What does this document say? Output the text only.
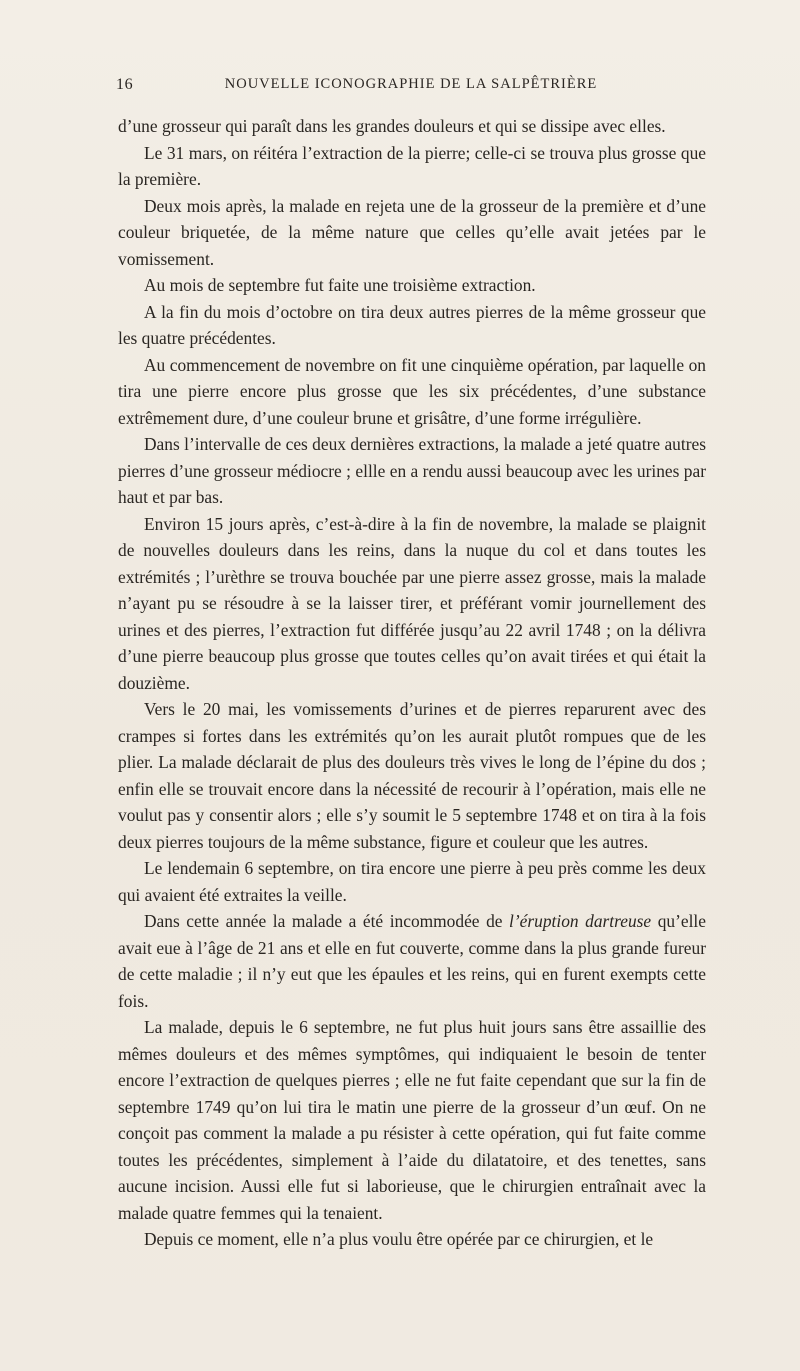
16	NOUVELLE ICONOGRAPHIE DE LA SALPÊTRIÈRE

d’une grosseur qui paraît dans les grandes douleurs et qui se dissipe avec elles.

Le 31 mars, on réitéra l’extraction de la pierre; celle-ci se trouva plus grosse que la première.

Deux mois après, la malade en rejeta une de la grosseur de la première et d’une couleur briquetée, de la même nature que celles qu’elle avait jetées par le vomissement.

Au mois de septembre fut faite une troisième extraction.

A la fin du mois d’octobre on tira deux autres pierres de la même grosseur que les quatre précédentes.

Au commencement de novembre on fit une cinquième opération, par laquelle on tira une pierre encore plus grosse que les six précédentes, d’une substance extrêmement dure, d’une couleur brune et grisâtre, d’une forme irrégulière.

Dans l’intervalle de ces deux dernières extractions, la malade a jeté quatre autres pierres d’une grosseur médiocre ; ellle en a rendu aussi beaucoup avec les urines par haut et par bas.

Environ 15 jours après, c’est-à-dire à la fin de novembre, la malade se plaignit de nouvelles douleurs dans les reins, dans la nuque du col et dans toutes les extrémités ; l’urèthre se trouva bouchée par une pierre assez grosse, mais la malade n’ayant pu se résoudre à se la laisser tirer, et préférant vomir journellement des urines et des pierres, l’extraction fut différée jusqu’au 22 avril 1748 ; on la délivra d’une pierre beaucoup plus grosse que toutes celles qu’on avait tirées et qui était la douzième.

Vers le 20 mai, les vomissements d’urines et de pierres reparurent avec des crampes si fortes dans les extrémités qu’on les aurait plutôt rompues que de les plier. La malade déclarait de plus des douleurs très vives le long de l’épine du dos ; enfin elle se trouvait encore dans la nécessité de recourir à l’opération, mais elle ne voulut pas y consentir alors ; elle s’y soumit le 5 septembre 1748 et on tira à la fois deux pierres toujours de la même substance, figure et couleur que les autres.

Le lendemain 6 septembre, on tira encore une pierre à peu près comme les deux qui avaient été extraites la veille.

Dans cette année la malade a été incommodée de l’éruption dartreuse qu’elle avait eue à l’âge de 21 ans et elle en fut couverte, comme dans la plus grande fureur de cette maladie ; il n’y eut que les épaules et les reins, qui en furent exempts cette fois.

La malade, depuis le 6 septembre, ne fut plus huit jours sans être assaillie des mêmes douleurs et des mêmes symptômes, qui indiquaient le besoin de tenter encore l’extraction de quelques pierres ; elle ne fut faite cependant que sur la fin de septembre 1749 qu’on lui tira le matin une pierre de la grosseur d’un œuf. On ne conçoit pas comment la malade a pu résister à cette opération, qui fut faite comme toutes les précédentes, simplement à l’aide du dilatatoire, et des tenettes, sans aucune incision. Aussi elle fut si laborieuse, que le chirurgien entraînait avec la malade quatre femmes qui la tenaient.

Depuis ce moment, elle n’a plus voulu être opérée par ce chirurgien, et le
